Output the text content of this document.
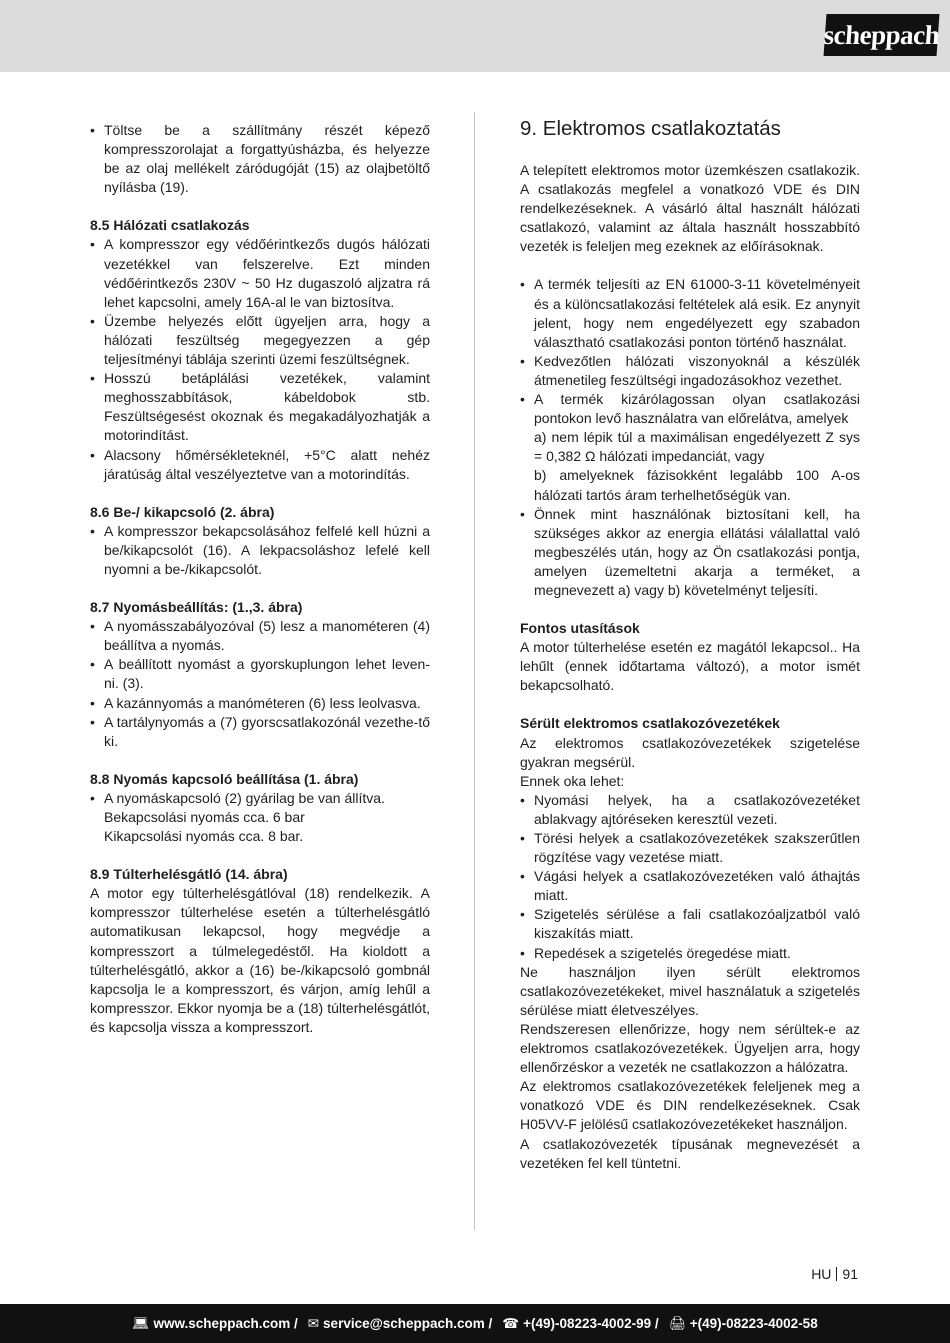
scheppach
• Töltse be a szállítmány részét képező kompresszorolajat a forgattyúsházba, és helyezze be az olaj mellékelt záródugóját (15) az olajbetöltő nyílásba (19).
8.5 Hálózati csatlakozás
• A kompresszor egy védőérintkezős dugós hálózati vezetékkel van felszerelve. Ezt minden védőérintkezős 230V ~ 50 Hz dugaszoló aljzatra rá lehet kapcsolni, amely 16A-al le van biztosítva.
• Üzembe helyezés előtt ügyeljen arra, hogy a hálózati feszültség megegyezzen a gép teljesítményi táblája szerinti üzemi feszültségnek.
• Hosszú betáplálási vezetékek, valamint meghosszabbítások, kábeldobok stb. Feszültségesést okoznak és megakadályozhatják a motorindítást.
• Alacsony hőmérsékleteknél, +5°C alatt nehéz járatúság által veszélyeztetve van a motorindítás.
8.6 Be-/ kikapcsoló (2. ábra)
• A kompresszor bekapcsolásához felfelé kell húzni a be/kikapcsolót (16). A lekpacsoláshoz lefelé kell nyomni a be-/kikapcsolót.
8.7 Nyomásbeállítás: (1.,3. ábra)
• A nyomásszabályozóval (5) lesz a manométeren (4) beállítva a nyomás.
• A beállított nyomást a gyorskuplungon lehet leven-ni. (3).
• A kazánnyomás a manóméteren (6) less leolvasva.
• A tartálynyomás a (7) gyorscsatlakozónál vezethe-tő ki.
8.8 Nyomás kapcsoló beállítása (1. ábra)
• A nyomáskapcsoló (2) gyárilag be van állítva.
Bekapcsolási nyomás cca. 6 bar
Kikapcsolási nyomás cca. 8 bar.
8.9 Túlterhelésgátló (14. ábra)
A motor egy túlterhelésgátlóval (18) rendelkezik. A kompresszor túlterhelése esetén a túlterhelésgátló automatikusan lekapcsol, hogy megvédje a kompresszort a túlmelegedéstől. Ha kioldott a túlterhelésgátló, akkor a (16) be-/kikapcsoló gombnál kapcsolja le a kompresszort, és várjon, amíg lehűl a kompresszor. Ekkor nyomja be a (18) túlterhelésgátlót, és kapcsolja vissza a kompresszort.
9. Elektromos csatlakoztatás
A telepített elektromos motor üzemkészen csatlakozik. A csatlakozás megfelel a vonatkozó VDE és DIN rendelkezéseknek. A vásárló által használt hálózati csatlakozó, valamint az általa használt hosszabbító vezeték is feleljen meg ezeknek az előírásoknak.
• A termék teljesíti az EN 61000-3-11 követelményeit és a különcsatlakozási feltételek alá esik. Ez anynyit jelent, hogy nem engedélyezett egy szabadon választható csatlakozási ponton történő használat.
• Kedvezőtlen hálózati viszonyoknál a készülék átmenetileg feszültségi ingadozásokhoz vezethet.
• A termék kizárólagossan olyan csatlakozási pontokon levő használatra van előrelátva, amelyek
a) nem lépik túl a maximálisan engedélyezett Z sys = 0,382 Ω hálózati impedanciát, vagy
b) amelyeknek fázisokként legalább 100 A-os hálózati tartós áram terhelhetőségük van.
• Önnek mint használónak biztosítani kell, ha szükséges akkor az energia ellátási válallattal való megbeszélés után, hogy az Ön csatlakozási pontja, amelyen üzemeltetni akarja a terméket, a megnevezett a) vagy b) követelményt teljesíti.
Fontos utasítások
A motor túlterhelése esetén ez magától lekapcsol.. Ha lehűlt (ennek időtartama változó), a motor ismét bekapcsolható.
Sérült elektromos csatlakozóvezetékek
Az elektromos csatlakozóvezetékek szigetelése gyakran megsérül.
Ennek oka lehet:
• Nyomási helyek, ha a csatlakozóvezetéket ablakvagy ajtóréseken keresztül vezeti.
• Törési helyek a csatlakozóvezetékek szakszerűtlen rögzítése vagy vezetése miatt.
• Vágási helyek a csatlakozóvezetéken való áthajtás miatt.
• Szigetelés sérülése a fali csatlakozóaljzatból való kiszakítás miatt.
• Repedések a szigetelés öregedése miatt.
Ne használjon ilyen sérült elektromos csatlakozóvezetékeket, mivel használatuk a szigetelés sérülése miatt életveszélyes.
Rendszeresen ellenőrizze, hogy nem sérültek-e az elektromos csatlakozóvezetékek. Ügyeljen arra, hogy ellenőrzéskor a vezeték ne csatlakozzon a hálózatra.
Az elektromos csatlakozóvezetékek feleljenek meg a vonatkozó VDE és DIN rendelkezéseknek. Csak H05VV-F jelölésű csatlakozóvezetékeket használjon.
A csatlakozóvezeték típusának megnevezését a vezetéken fel kell tüntetni.
HU 91
💻︎ www.scheppach.com / ✉︎ service@scheppach.com / ☎︎ +(49)-08223-4002-99 / 🖨︎ +(49)-08223-4002-58
